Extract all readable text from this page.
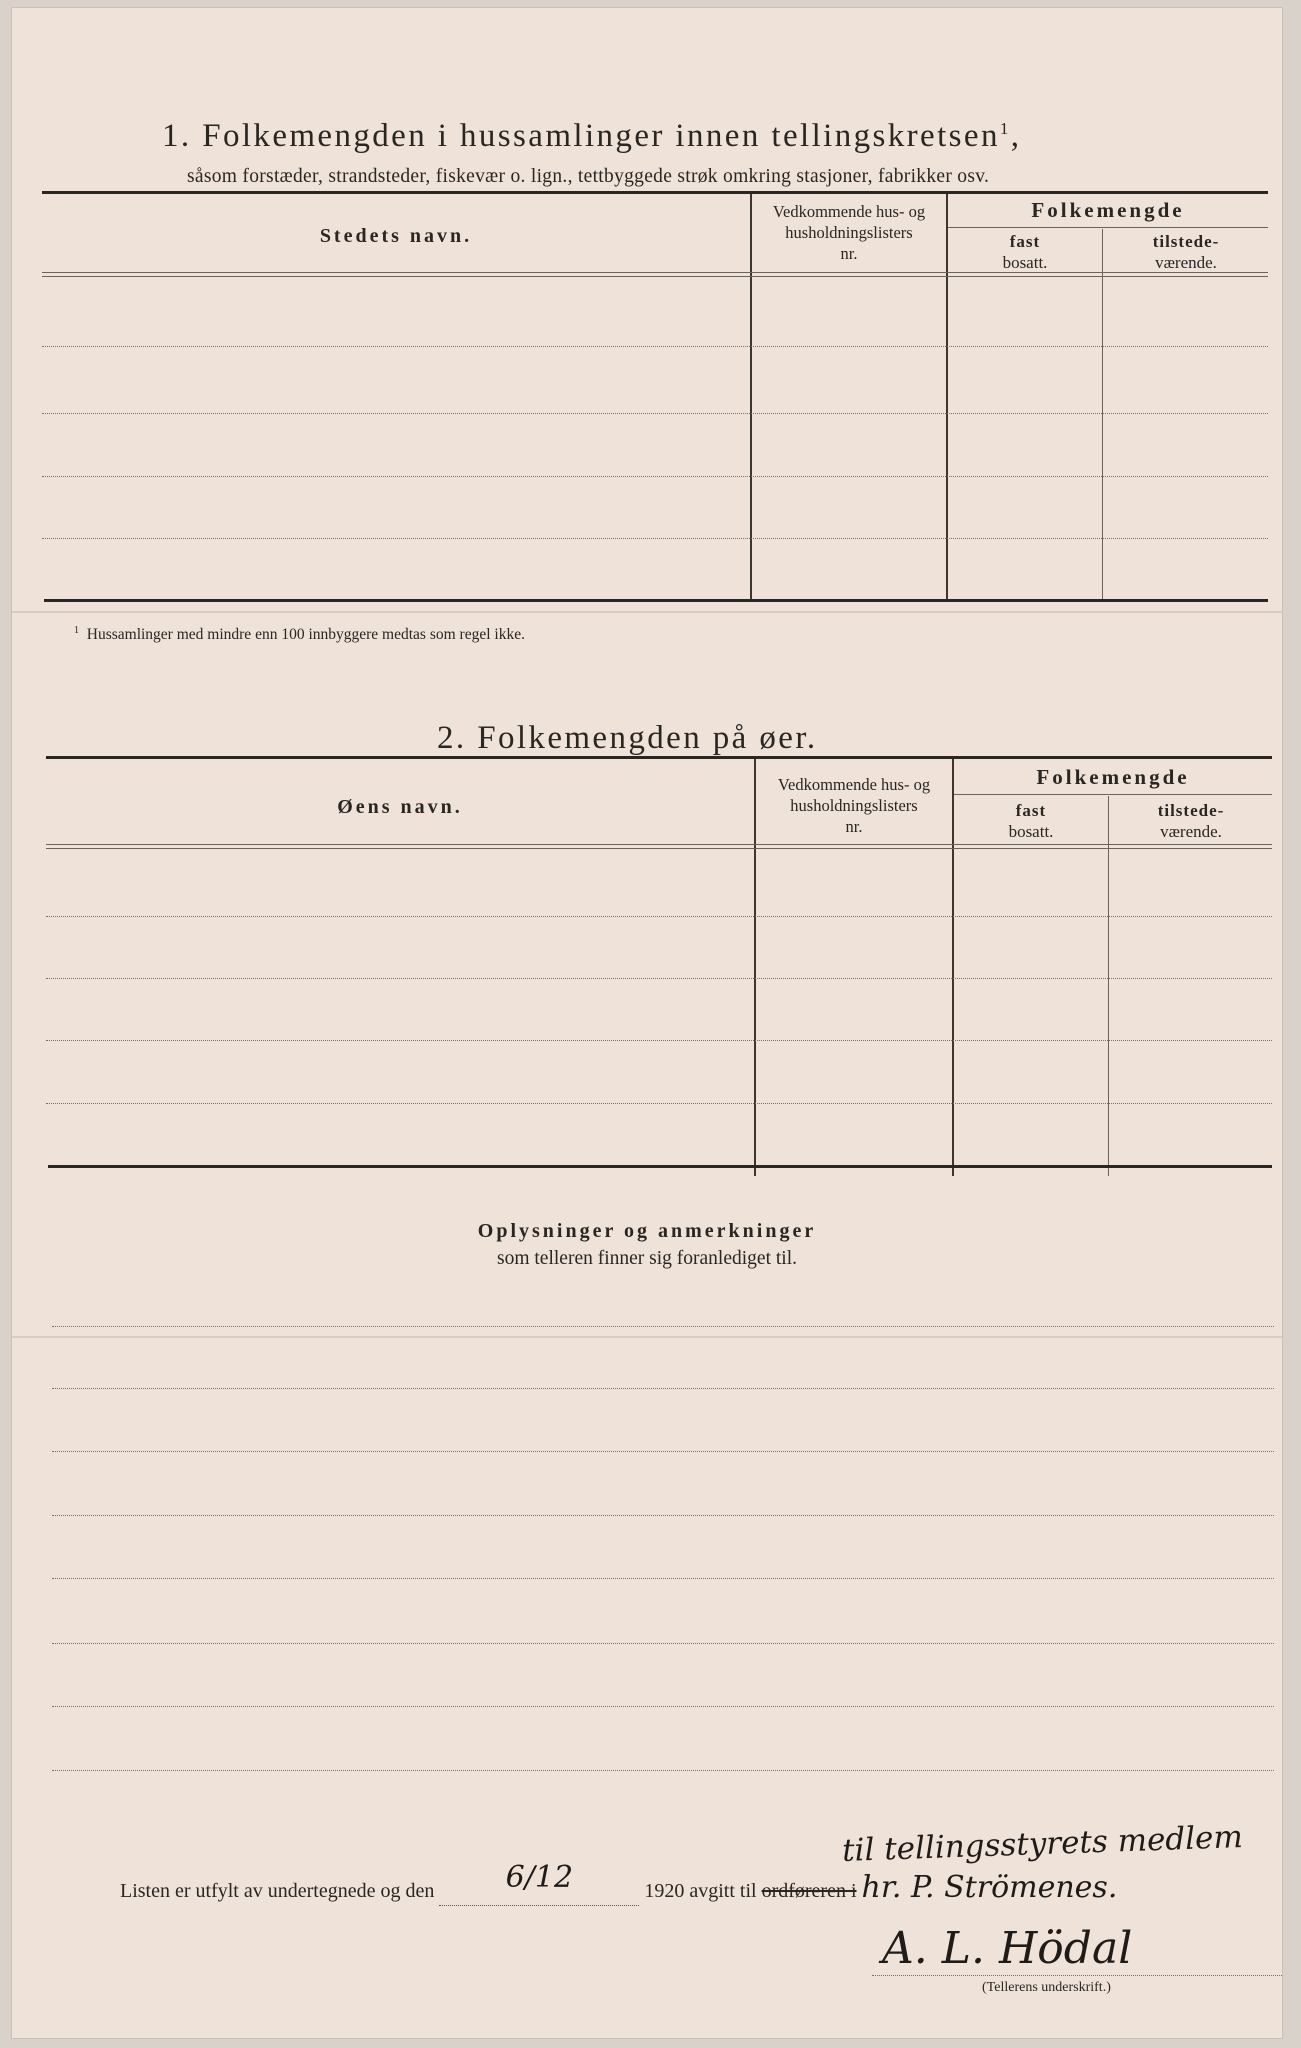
1. Folkemengden i hussamlinger innen tellingskretsen$^1$,
såsom forstæder, strandsteder, fiskevær o. lign., tettbyggede strøk omkring stasjoner, fabrikker osv.
Stedets navn.
Vedkommende hus- og
husholdningslisters
nr.
Folkemengde
fast
bosatt.
tilstede-
værende.
$^1$ Hussamlinger med mindre enn 100 innbyggere medtas som regel ikke.
2. Folkemengden på øer.
Øens navn.
Vedkommende hus- og
husholdningslisters
nr.
Folkemengde
fast
bosatt.
tilstede-
værende.
Oplysninger og anmerkninger
som telleren finner sig foranlediget til.
til tellingsstyrets medlem
Listen er utfylt av undertegnede og den 6/12	1920 avgitt til ordføreren i hr. P. Strömenes.
A. L. Hödal
(Tellerens underskrift.)
